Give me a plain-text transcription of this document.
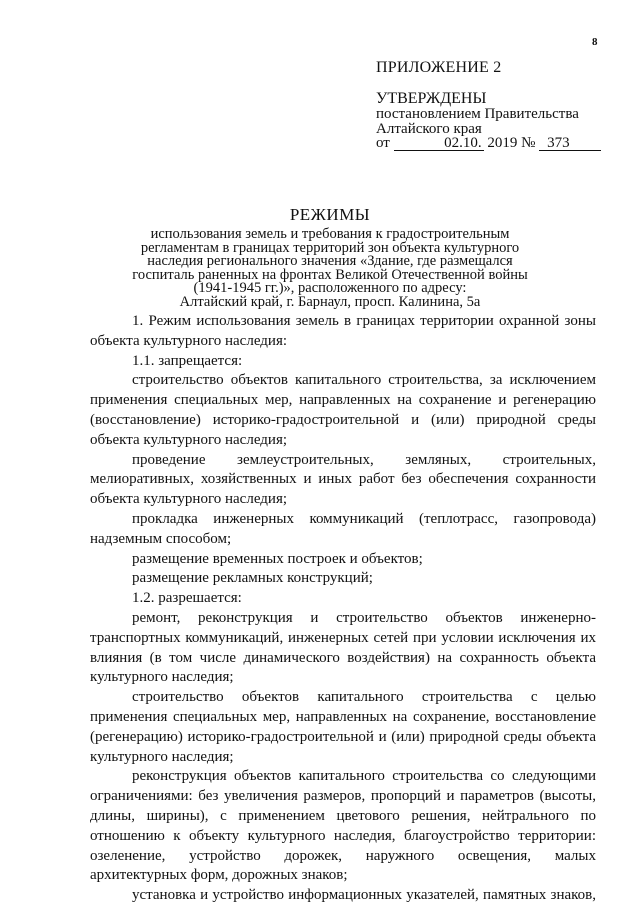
8
ПРИЛОЖЕНИЕ 2
УТВЕРЖДЕНЫ
постановлением Правительства
Алтайского края
от	02.10. 2019 № 373
РЕЖИМЫ
использования земель и требования к градостроительным
регламентам в границах территорий зон объекта культурного
наследия регионального значения «Здание, где размещался
госпиталь раненных на фронтах Великой Отечественной войны
(1941-1945 гг.)», расположенного по адресу:
Алтайский край, г. Барнаул, просп. Калинина, 5а

1. Режим использования земель в границах территории охранной зоны объекта культурного наследия:

1.1. запрещается:

строительство объектов капитального строительства, за исключением применения специальных мер, направленных на сохранение и регенерацию (восстановление) историко-градостроительной и (или) природной среды объекта культурного наследия;

проведение землеустроительных, земляных, строительных, мелиоративных, хозяйственных и иных работ без обеспечения сохранности объекта культурного наследия;

прокладка инженерных коммуникаций (теплотрасс, газопровода) надземным способом;

размещение временных построек и объектов;

размещение рекламных конструкций;

1.2. разрешается:

ремонт, реконструкция и строительство объектов инженерно-транспортных коммуникаций, инженерных сетей при условии исключения их влияния (в том числе динамического воздействия) на сохранность объекта культурного наследия;

строительство объектов капитального строительства с целью применения специальных мер, направленных на сохранение, восстановление (регенерацию) историко-градостроительной и (или) природной среды объекта культурного наследия;

реконструкция объектов капитального строительства со следующими ограничениями: без увеличения размеров, пропорций и параметров (высоты, длины, ширины), с применением цветового решения, нейтрального по отношению к объекту культурного наследия, благоустройство территории: озеленение, устройство дорожек, наружного освещения, малых архитектурных форм, дорожных знаков;

установка и устройство информационных указателей, памятных знаков,
